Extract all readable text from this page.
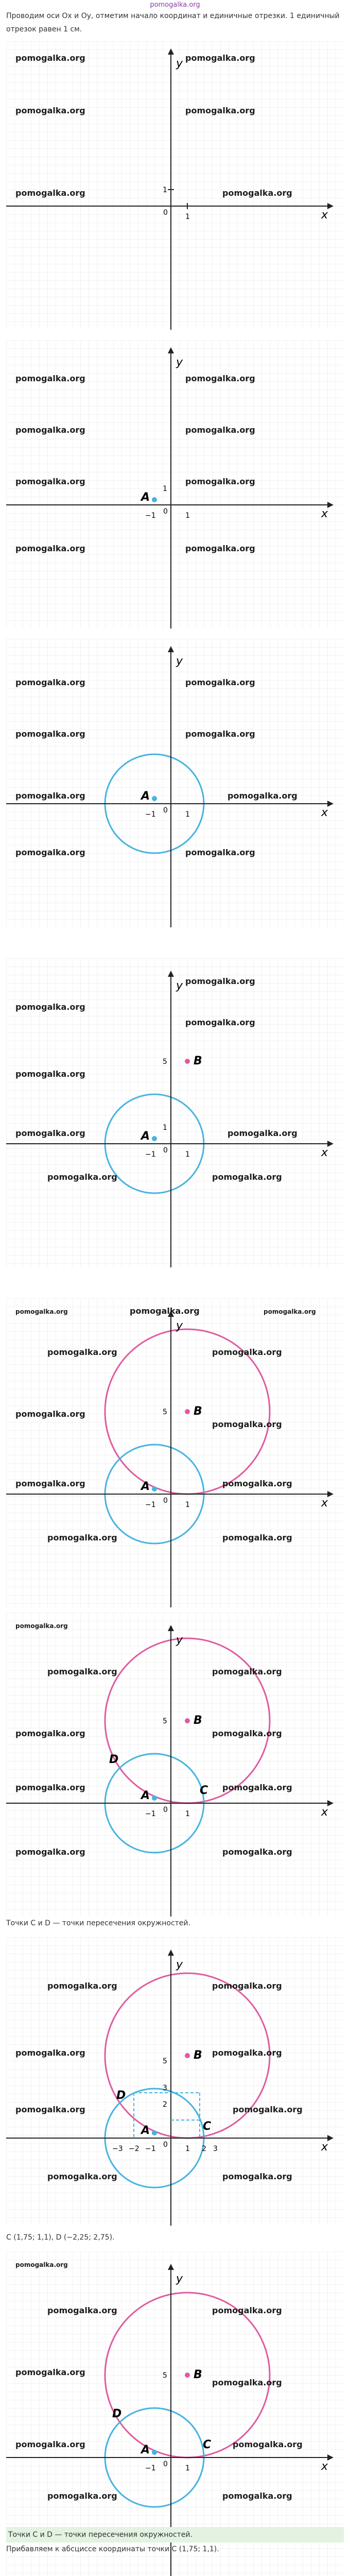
pomogalka.org
Проводим оси Ox и Oy, отметим начало координат и единичные отрезки. 1 единичный отрезок равен 1 см.
x
y
0 1
1
pomogalka.org	pomogalka.org
pomogalka.org	pomogalka.org
pomogalka.org	pomogalka.org
x
y
0 1
−1
1
A
pomogalka.org	pomogalka.org
pomogalka.org	pomogalka.org
pomogalka.org	pomogalka.org
pomogalka.org	pomogalka.org
x
y
0 1
−1
A
pomogalka.org	pomogalka.org
pomogalka.org	pomogalka.org
pomogalka.org	pomogalka.org
pomogalka.org	pomogalka.org
x
y
0 1
−1
1
5
A
B
pomogalka.org
pomogalka.org
pomogalka.org
pomogalka.org
pomogalka.org	pomogalka.org
pomogalka.org	pomogalka.org
x
y
0 1
−1
5
A
B
pomogalka.org	pomogalka.org	pomogalka.org
pomogalka.org	pomogalka.org
pomogalka.org
pomogalka.org
pomogalka.org	pomogalka.org
pomogalka.org	pomogalka.org
x
y
0 1
−1
5
A
B
C
D
pomogalka.org
pomogalka.org	pomogalka.org
pomogalka.org	pomogalka.org
pomogalka.org	pomogalka.org
pomogalka.org	pomogalka.org
Точки C и D — точки пересечения окружностей.
x
y
0 1 2 3
−1
−2
−3
3
2
5
A
B
C
D
pomogalka.org	pomogalka.org
pomogalka.org	pomogalka.org
pomogalka.org	pomogalka.org
pomogalka.org	pomogalka.org
C (1,75; 1,1), D (−2,25; 2,75).
x
y
0 1
−1
5
A
B
C
D
pomogalka.org
pomogalka.org	pomogalka.org
pomogalka.org
pomogalka.org
pomogalka.org	pomogalka.org
pomogalka.org	pomogalka.org
Точки C и D — точки пересечения окружностей.
Прибавляем к абсциссе координаты точки C (1,75; 1,1).
